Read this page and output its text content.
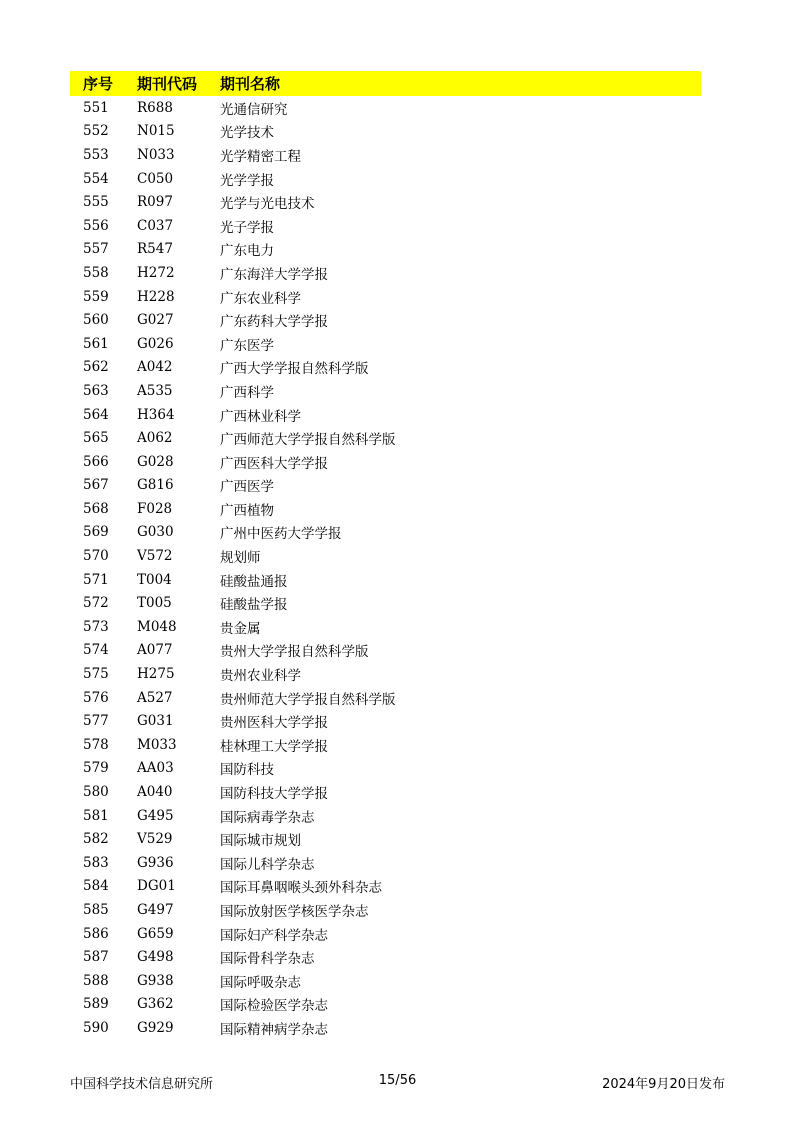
序号	期刊代码	期刊名称
551	R688	光通信研究
552	N015	光学技术
553	N033	光学精密工程
554	C050	光学学报
555	R097	光学与光电技术
556	C037	光子学报
557	R547	广东电力
558	H272	广东海洋大学学报
559	H228	广东农业科学
560	G027	广东药科大学学报
561	G026	广东医学
562	A042	广西大学学报自然科学版
563	A535	广西科学
564	H364	广西林业科学
565	A062	广西师范大学学报自然科学版
566	G028	广西医科大学学报
567	G816	广西医学
568	F028	广西植物
569	G030	广州中医药大学学报
570	V572	规划师
571	T004	硅酸盐通报
572	T005	硅酸盐学报
573	M048	贵金属
574	A077	贵州大学学报自然科学版
575	H275	贵州农业科学
576	A527	贵州师范大学学报自然科学版
577	G031	贵州医科大学学报
578	M033	桂林理工大学学报
579	AA03	国防科技
580	A040	国防科技大学学报
581	G495	国际病毒学杂志
582	V529	国际城市规划
583	G936	国际儿科学杂志
584	DG01	国际耳鼻咽喉头颈外科杂志
585	G497	国际放射医学核医学杂志
586	G659	国际妇产科学杂志
587	G498	国际骨科学杂志
588	G938	国际呼吸杂志
589	G362	国际检验医学杂志
590	G929	国际精神病学杂志
中国科学技术信息研究所	15/56	2024年9月20日发布
